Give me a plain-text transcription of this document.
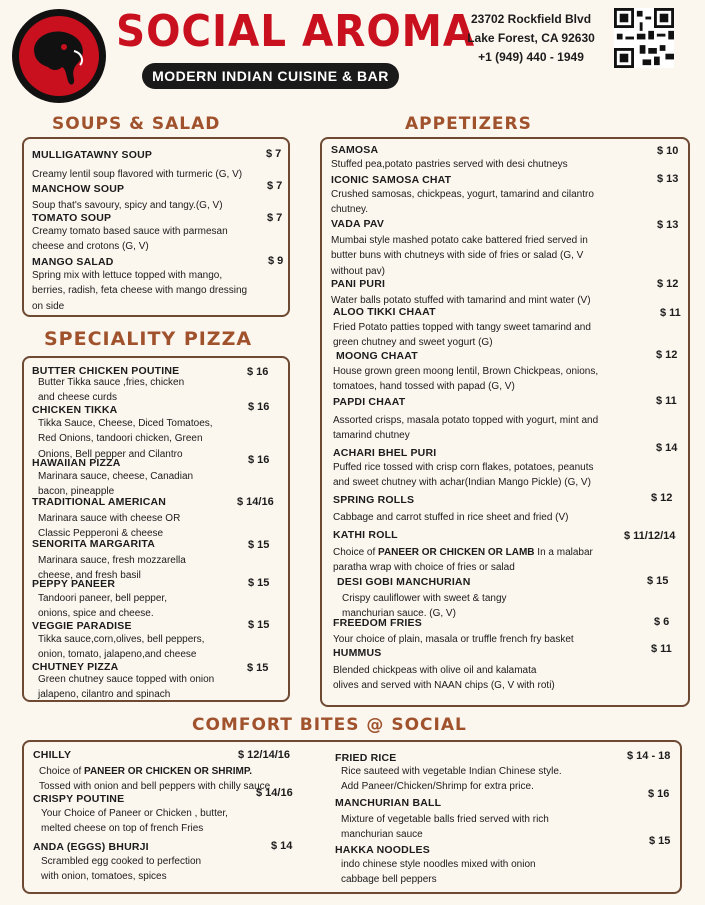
SOCIAL AROMA
MODERN INDIAN CUISINE & BAR
23702 Rockfield Blvd
Lake Forest, CA 92630
+1 (949) 440 - 1949
SOUPS & SALAD
MULLIGATAWNY SOUP
Creamy lentil soup flavored with turmeric (G, V)
$ 7
MANCHOW SOUP
Soup that's savoury, spicy and tangy.(G, V)
$ 7
TOMATO SOUP
Creamy tomato based sauce with parmesan
cheese and crotons (G, V)
$ 7
MANGO SALAD
Spring mix with lettuce topped with mango,
berries, radish, feta cheese with mango dressing
on side
$ 9
SPECIALITY PIZZA
BUTTER CHICKEN POUTINE
Butter Tikka sauce ,fries, chicken
and cheese curds
$ 16
CHICKEN TIKKA
Tikka Sauce, Cheese, Diced Tomatoes,
Red Onions, tandoori chicken, Green
Onions, Bell pepper and Cilantro
$ 16
HAWAIIAN PIZZA
Marinara sauce, cheese, Canadian
bacon, pineapple
$ 16
TRADITIONAL AMERICAN
Marinara sauce with cheese OR
Classic Pepperoni & cheese
$ 14/16
SENORITA MARGARITA
Marinara sauce, fresh mozzarella
cheese, and fresh basil
$ 15
PEPPY PANEER
Tandoori paneer, bell pepper,
onions, spice and cheese.
$ 15
VEGGIE PARADISE
Tikka sauce,corn,olives, bell peppers,
onion, tomato, jalapeno,and cheese
$ 15
CHUTNEY PIZZA
Green chutney sauce topped with onion
jalapeno, cilantro and spinach
$ 15
APPETIZERS
SAMOSA
Stuffed pea,potato pastries served with desi chutneys
$ 10
ICONIC SAMOSA CHAT
Crushed samosas, chickpeas, yogurt, tamarind and cilantro
chutney.
$ 13
VADA PAV
Mumbai style mashed potato cake battered fried served in
butter buns with chutneys with side of fries or salad (G, V
without pav)
$ 13
PANI PURI
Water balls potato stuffed with tamarind and mint water (V)
$ 12
ALOO TIKKI CHAAT
Fried Potato patties topped with tangy sweet tamarind and
green chutney and sweet yogurt (G)
$ 11
MOONG CHAAT
House grown green moong lentil, Brown Chickpeas, onions,
tomatoes, hand tossed with papad (G, V)
$ 12
PAPDI CHAAT
Assorted crisps, masala potato topped with yogurt, mint and
tamarind chutney
$ 11
ACHARI BHEL PURI
Puffed rice tossed with crisp corn flakes, potatoes, peanuts
and sweet chutney with achar(Indian Mango Pickle) (G, V)
$ 14
SPRING ROLLS
Cabbage and carrot stuffed in rice sheet and fried (V)
$ 12
KATHI ROLL
Choice of PANEER OR CHICKEN OR LAMB In a malabar
paratha wrap with choice of fries or salad
$ 11/12/14
DESI GOBI MANCHURIAN
Crispy cauliflower with sweet & tangy
manchurian sauce. (G, V)
$ 15
FREEDOM FRIES
Your choice of plain, masala or truffle french fry basket
$ 6
HUMMUS
Blended chickpeas with olive oil and kalamata
olives and served with NAAN chips (G, V with roti)
$ 11
COMFORT BITES @ SOCIAL
CHILLY
Choice of PANEER OR CHICKEN OR SHRIMP.
Tossed with onion and bell peppers with chilly sauce
$ 12/14/16
CRISPY POUTINE
Your Choice of Paneer or Chicken , butter,
melted cheese on top of french Fries
$ 14/16
ANDA (EGGS) BHURJI
Scrambled egg cooked to perfection
with onion, tomatoes, spices
$ 14
FRIED RICE
Rice sauteed with vegetable Indian Chinese style.
Add Paneer/Chicken/Shrimp for extra price.
$ 14 - 18
MANCHURIAN BALL
Mixture of vegetable balls fried served with rich
manchurian sauce
$ 16
HAKKA NOODLES
indo chinese style noodles mixed with onion
cabbage bell peppers
$ 15
